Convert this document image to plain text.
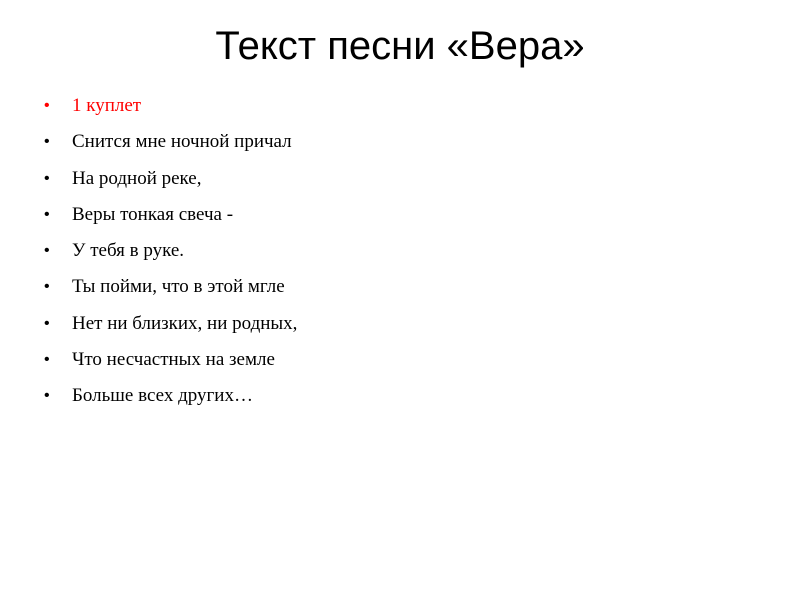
Текст песни «Вера»
• 1 куплет
• Снится мне ночной причал
• На родной реке,
• Веры тонкая свеча -
• У тебя в руке.
• Ты пойми, что в этой мгле
• Нет ни близких, ни родных,
• Что несчастных на земле
• Больше всех других…
